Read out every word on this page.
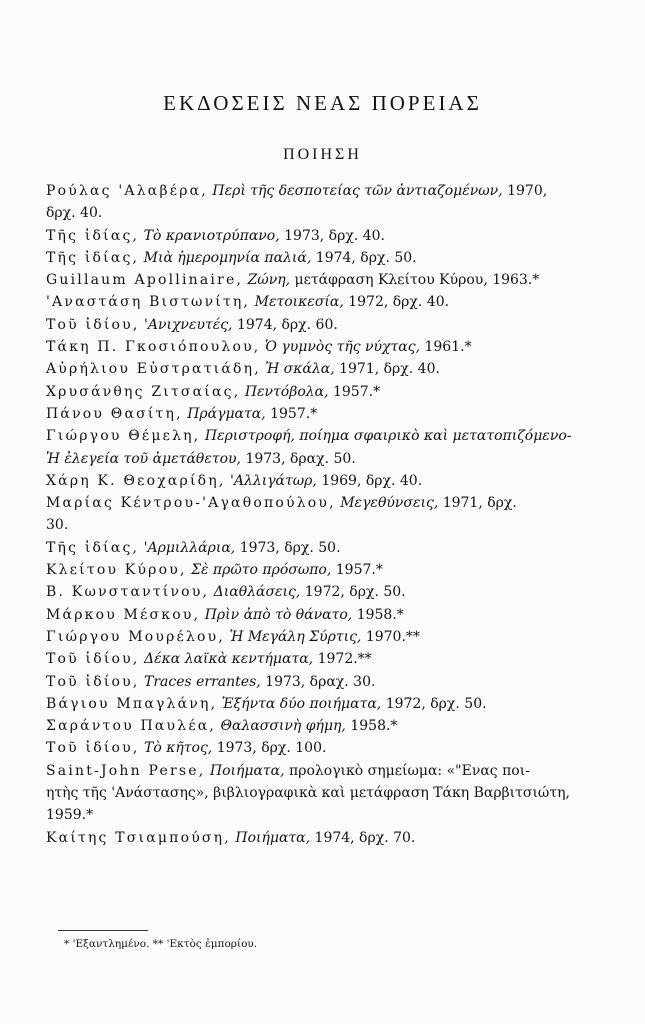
ΕΚΔΟΣΕΙΣ ΝΕΑΣ ΠΟΡΕΙΑΣ
ΠΟΙΗΣΗ

Ρούλας 'Αλαβέρα, Περὶ τῆς δεσποτείας τῶν ἀντιαζομένων, 1970,

δρχ. 40.

Τῆς ἰδίας, Τὸ κρανιοτρύπανο, 1973, δρχ. 40.

Τῆς ἰδίας, Μιὰ ἡμερομηνία παλιά, 1974, δρχ. 50.

Guillaum Apollinaire, Ζώνη, μετάφραση Κλείτου Κύρου, 1963.*

'Αναστάση Βιστωνίτη, Μετοικεσία, 1972, δρχ. 40.

Τοῦ ἰδίου, 'Ανιχνευτές, 1974, δρχ. 60.

Τάκη Π. Γκοσιόπουλου, Ὁ γυμνὸς τῆς νύχτας, 1961.*

Αὐρήλιου Εὐστρατιάδη, Ἡ σκάλα, 1971, δρχ. 40.

Χρυσάνθης Ζιτσαίας, Πεντόβολα, 1957.*

Πάνου Θασίτη, Πράγματα, 1957.*

Γιώργου Θέμελη, Περιστροφή, ποίημα σφαιρικὸ καὶ μετατοπιζόμενο-

Ἡ ἐλεγεία τοῦ ἀμετάθετου, 1973, δραχ. 50.

Χάρη Κ. Θεοχαρίδη, 'Αλλιγάτωρ, 1969, δρχ. 40.

Μαρίας Κέντρου-'Αγαθοπούλου, Μεγεθύνσεις, 1971, δρχ.

30.

Τῆς ἰδίας, 'Αρμιλλάρια, 1973, δρχ. 50.

Κλείτου Κύρου, Σὲ πρῶτο πρόσωπο, 1957.*

Β. Κωνσταντίνου, Διαθλάσεις, 1972, δρχ. 50.

Μάρκου Μέσκου, Πρὶν ἀπὸ τὸ θάνατο, 1958.*

Γιώργου Μουρέλου, Ἡ Μεγάλη Σύρτις, 1970.**

Τοῦ ἰδίου, Δέκα λαϊκὰ κεντήματα, 1972.**

Τοῦ ἰδίου, Traces errantes, 1973, δραχ. 30.

Βάγιου Μπαγλάνη, Ἑξήντα δύο ποιήματα, 1972, δρχ. 50.

Σαράντου Παυλέα, Θαλασσινὴ φήμη, 1958.*

Τοῦ ἰδίου, Τὸ κῆτος, 1973, δρχ. 100.

Saint-John Perse, Ποιήματα, προλογικὸ σημείωμα: «"Ενας ποι-

ητὴς τῆς 'Ανάστασης», βιβλιογραφικὰ καὶ μετάφραση Τάκη Βαρβιτσιώτη,

1959.*

Καίτης Τσιαμπούση, Ποιήματα, 1974, δρχ. 70.

* 'Εξαντλημένο. ** 'Εκτὸς ἐμπορίου.
